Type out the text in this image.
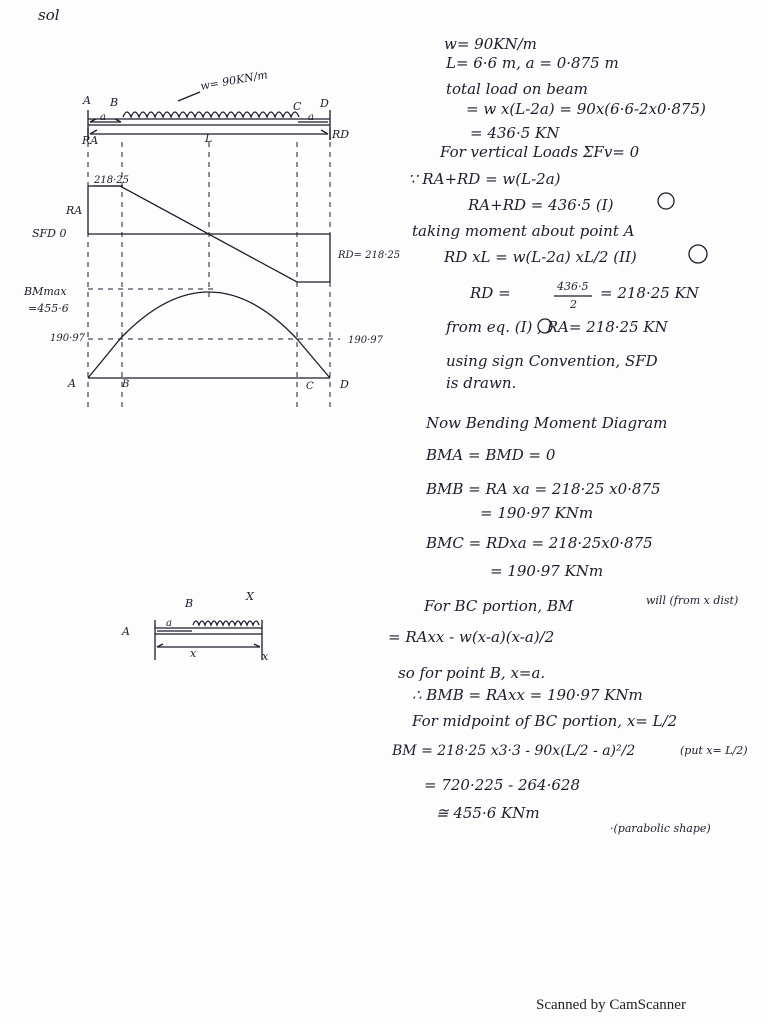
sol
A B	C D
w= 90KN/m
a	a
L
RA	RD
218·25
RA
SFD 0
RD= 218·25
BMmax
=455·6
190·97	190·97
A	B	C D
A
B
X
a
x	x
w= 90KN/m
L= 6·6 m, a = 0·875 m
total load on beam
= w x(L-2a) = 90x(6·6-2x0·875)
= 436·5 KN
For vertical Loads ΣFv= 0
∵ RA+RD = w(L-2a)
RA+RD = 436·5 (I)
taking moment about point A
RD xL = w(L-2a) xL/2 (II)
RD =	436·5
2
= 218·25 KN
from eq. (I) , RA= 218·25 KN
using sign Convention, SFD
is drawn.
Now Bending Moment Diagram
BMA = BMD = 0
BMB = RA xa = 218·25 x0·875
= 190·97 KNm
BMC = RDxa = 218·25x0·875
= 190·97 KNm
For BC portion, BM	will (from x dist)
= RAxx - w(x-a)(x-a)/2
so for point B, x=a.
∴ BMB = RAxx = 190·97 KNm
For midpoint of BC portion, x= L/2
BM = 218·25 x3·3 - 90x(L/2 - a)²/2	(put x= L/2)
= 720·225 - 264·628
≅ 455·6 KNm
·(parabolic shape)
Scanned by CamScanner
